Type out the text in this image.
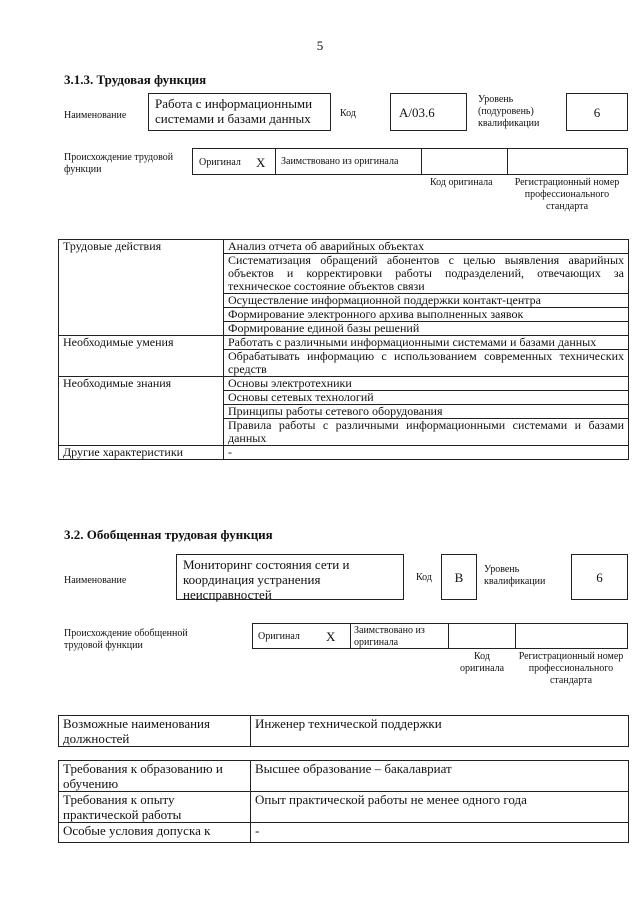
5
3.1.3. Трудовая функция
Наименование
Работа с информационными системами и базами данных	Код	A/03.6
Уровень (подуровень) квалификации
6
Происхождение трудовой функции
Оригинал X Заимствовано из оригинала
Код оригинала Регистрационный номер профессионального стандарта
Трудовые действия	Анализ отчета об аварийных объектах
	Систематизация обращений абонентов с целью выявления аварийных объектов и корректировки работы подразделений, отвечающих за техническое состояние объектов связи
	Осуществление информационной поддержки контакт-центра
	Формирование электронного архива выполненных заявок
	Формирование единой базы решений
Необходимые умения	Работать с различными информационными системами и базами данных
	Обрабатывать информацию с использованием современных технических средств
Необходимые знания	Основы электротехники
	Основы сетевых технологий
	Принципы работы сетевого оборудования
	Правила работы с различными информационными системами и базами данных
Другие характеристики	-
3.2. Обобщенная трудовая функция
Наименование
Мониторинг состояния сети и координация устранения неисправностей
Код	B	Уровень квалификации	6
Происхождение обобщенной трудовой функции
Оригинал X Заимствовано из оригинала
Код оригинала
Регистрационный номер профессионального стандарта
Возможные наименования должностей	Инженер технической поддержки
Требования к образованию и обучению	Высшее образование – бакалавриат
Требования к опыту практической работы	Опыт практической работы не менее одного года
Особые условия допуска к	-
